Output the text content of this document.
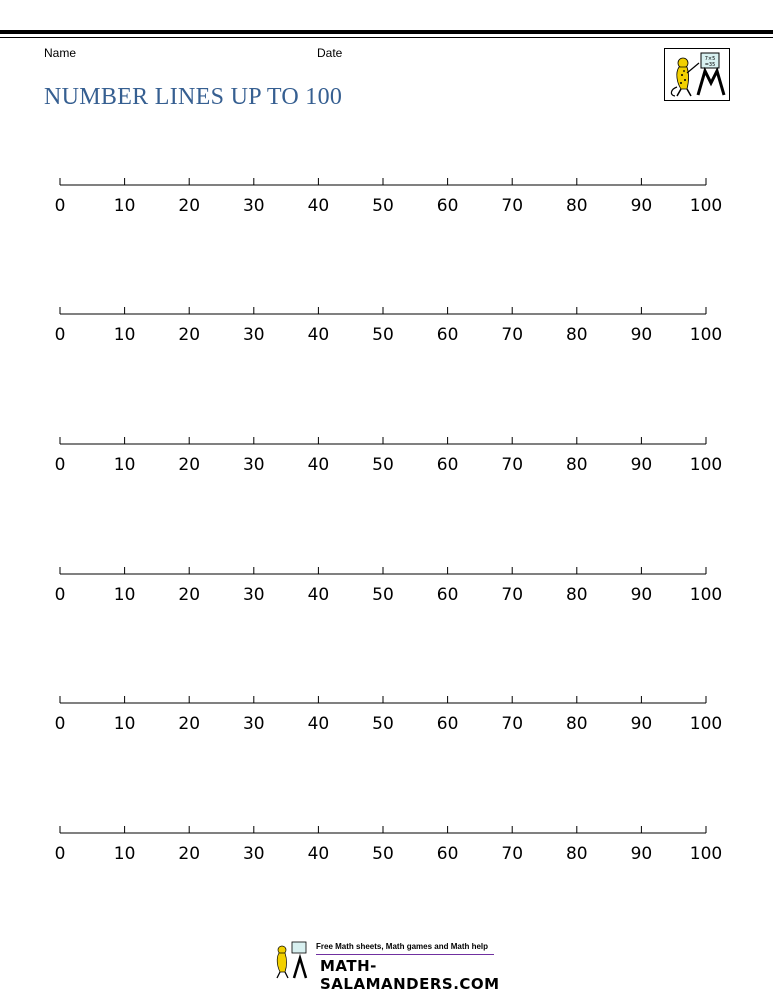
Name	Date
NUMBER LINES UP TO 100
7×5
=35
0	10	20	30	40	50	60	70	80	90 100
0	10	20	30	40	50	60	70	80	90 100
0	10	20	30	40	50	60	70	80	90 100
0	10	20	30	40	50	60	70	80	90 100
0	10	20	30	40	50	60	70	80	90 100
0	10	20	30	40	50	60	70	80	90 100
Free Math sheets, Math games and Math help
MATH-SALAMANDERS.COM
